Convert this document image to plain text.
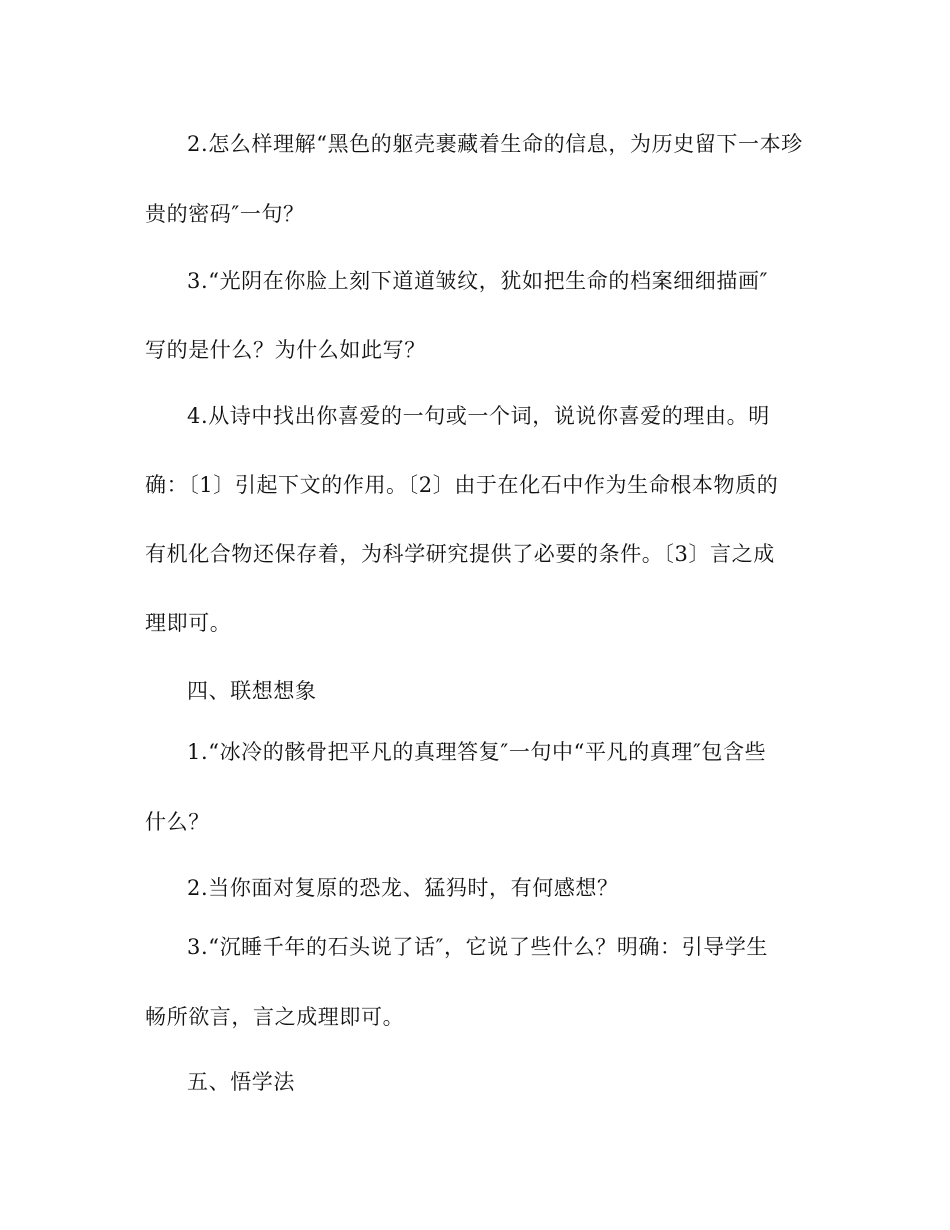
2.怎么样理解“黑色的躯壳裹藏着生命的信息，为历史留下一本珍
贵的密码″一句？
3.“光阴在你脸上刻下道道皱纹，犹如把生命的档案细细描画″
写的是什么？为什么如此写？
4.从诗中找出你喜爱的一句或一个词，说说你喜爱的理由。明
确：〔1〕引起下文的作用。〔2〕由于在化石中作为生命根本物质的
有机化合物还保存着，为科学研究提供了必要的条件。〔3〕言之成
理即可。
四、联想想象
1.“冰冷的骸骨把平凡的真理答复″一句中“平凡的真理″包含些
什么？
2.当你面对复原的恐龙、猛犸时，有何感想？
3.“沉睡千年的石头说了话″，它说了些什么？明确：引导学生
畅所欲言，言之成理即可。
五、悟学法
